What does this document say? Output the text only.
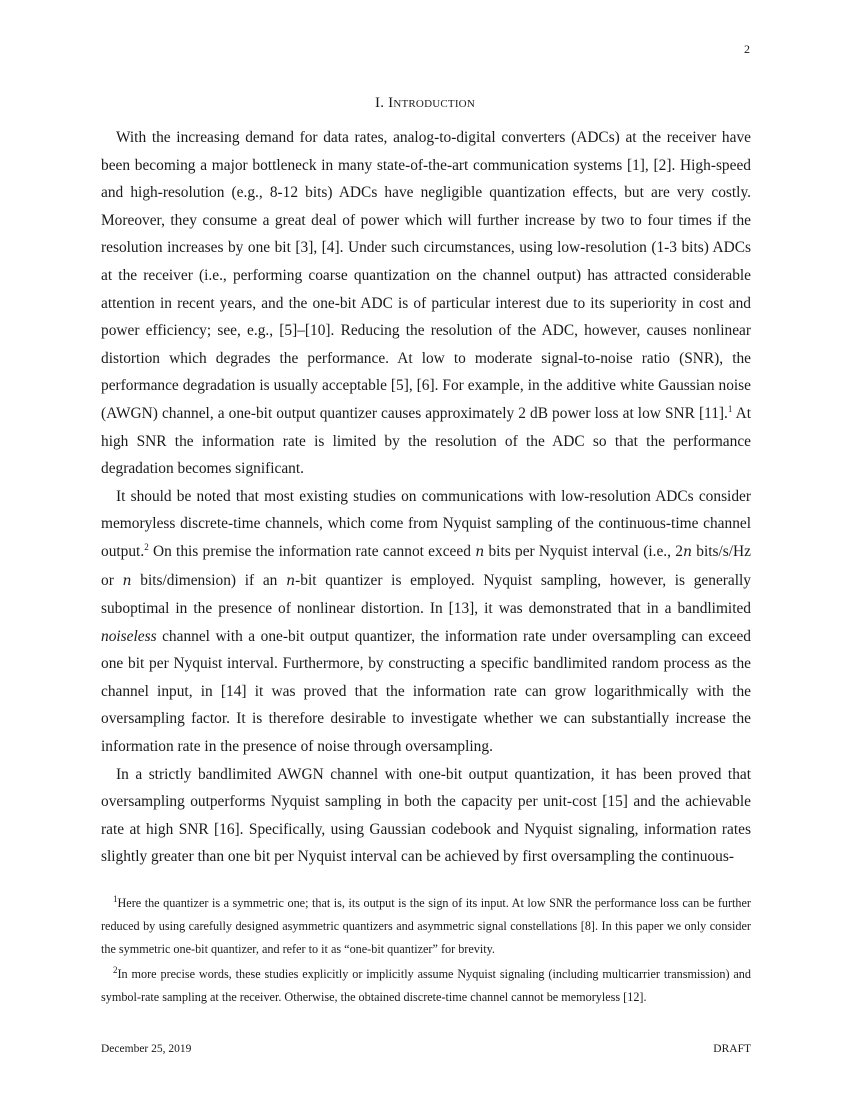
2
I. Introduction

With the increasing demand for data rates, analog-to-digital converters (ADCs) at the receiver have been becoming a major bottleneck in many state-of-the-art communication systems [1], [2]. High-speed and high-resolution (e.g., 8-12 bits) ADCs have negligible quantization effects, but are very costly. Moreover, they consume a great deal of power which will further increase by two to four times if the resolution increases by one bit [3], [4]. Under such circumstances, using low-resolution (1-3 bits) ADCs at the receiver (i.e., performing coarse quantization on the channel output) has attracted considerable attention in recent years, and the one-bit ADC is of particular interest due to its superiority in cost and power efficiency; see, e.g., [5]–[10]. Reducing the resolution of the ADC, however, causes nonlinear distortion which degrades the performance. At low to moderate signal-to-noise ratio (SNR), the performance degradation is usually acceptable [5], [6]. For example, in the additive white Gaussian noise (AWGN) channel, a one-bit output quantizer causes approximately 2 dB power loss at low SNR [11].$^1$ At high SNR the information rate is limited by the resolution of the ADC so that the performance degradation becomes significant.

It should be noted that most existing studies on communications with low-resolution ADCs consider memoryless discrete-time channels, which come from Nyquist sampling of the continuous-time channel output.$^2$ On this premise the information rate cannot exceed n bits per Nyquist interval (i.e., 2n bits/s/Hz or n bits/dimension) if an n-bit quantizer is employed. Nyquist sampling, however, is generally suboptimal in the presence of nonlinear distortion. In [13], it was demonstrated that in a bandlimited noiseless channel with a one-bit output quantizer, the information rate under oversampling can exceed one bit per Nyquist interval. Furthermore, by constructing a specific bandlimited random process as the channel input, in [14] it was proved that the information rate can grow logarithmically with the oversampling factor. It is therefore desirable to investigate whether we can substantially increase the information rate in the presence of noise through oversampling.

In a strictly bandlimited AWGN channel with one-bit output quantization, it has been proved that oversampling outperforms Nyquist sampling in both the capacity per unit-cost [15] and the achievable rate at high SNR [16]. Specifically, using Gaussian codebook and Nyquist signaling, information rates slightly greater than one bit per Nyquist interval can be achieved by first oversampling the continuous-

$^1$Here the quantizer is a symmetric one; that is, its output is the sign of its input. At low SNR the performance loss can be further reduced by using carefully designed asymmetric quantizers and asymmetric signal constellations [8]. In this paper we only consider the symmetric one-bit quantizer, and refer to it as “one-bit quantizer” for brevity.

$^2$In more precise words, these studies explicitly or implicitly assume Nyquist signaling (including multicarrier transmission) and symbol-rate sampling at the receiver. Otherwise, the obtained discrete-time channel cannot be memoryless [12].

December 25, 2019	DRAFT
